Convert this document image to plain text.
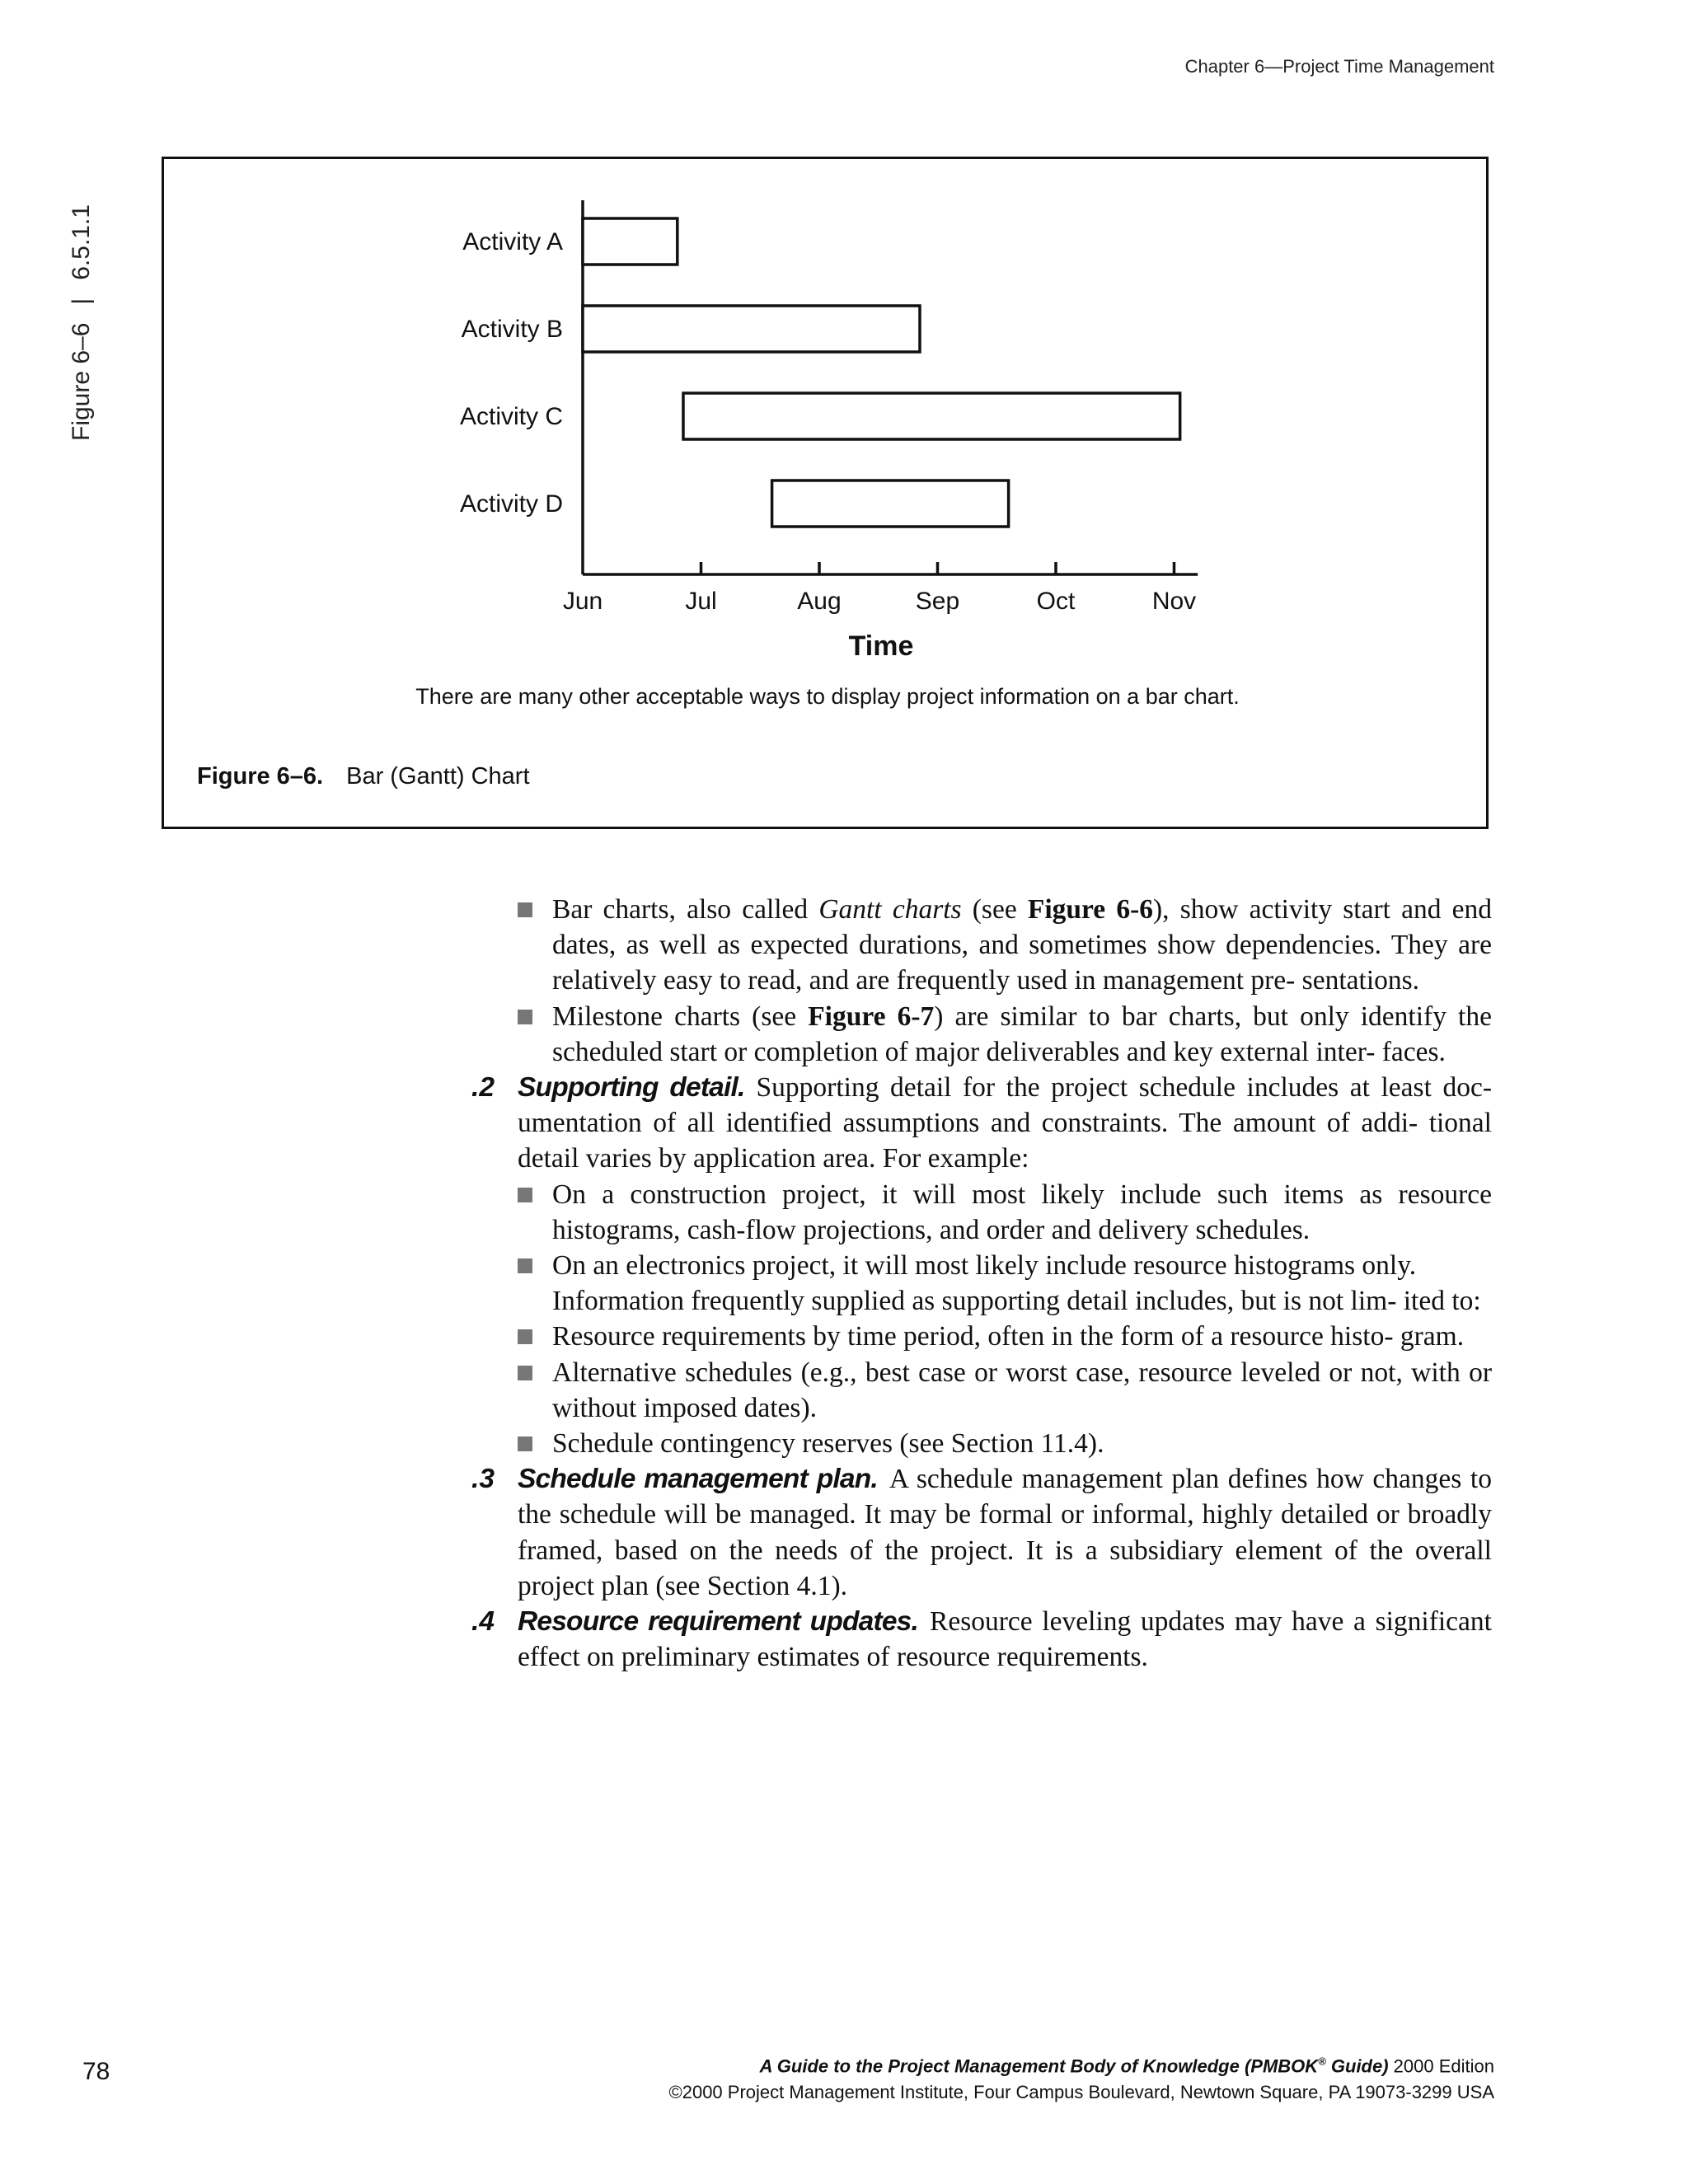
Chapter 6—Project Time Management
Figure 6–6|6.5.1.1	Activity A
Activity B
Activity C
Activity D
Jun	Jul	Aug	Sep	Oct	Nov
Time
There are many other acceptable ways to display project information on a bar chart.
Figure 6–6. Bar (Gantt) Chart
Bar charts, also called Gantt charts (see Figure 6-6), show activity start and end dates, as well as expected durations, and sometimes show dependencies. They are relatively easy to read, and are frequently used in management pre- sentations.
Milestone charts (see Figure 6-7) are similar to bar charts, but only identify the scheduled start or completion of major deliverables and key external inter- faces.
.2 Supporting detail. Supporting detail for the project schedule includes at least doc- umentation of all identified assumptions and constraints. The amount of addi- tional detail varies by application area. For example:
On a construction project, it will most likely include such items as resource histograms, cash-flow projections, and order and delivery schedules.
On an electronics project, it will most likely include resource histograms only.
Information frequently supplied as supporting detail includes, but is not lim- ited to:
Resource requirements by time period, often in the form of a resource histo- gram.
Alternative schedules (e.g., best case or worst case, resource leveled or not, with or without imposed dates).
Schedule contingency reserves (see Section 11.4).
.3 Schedule management plan. A schedule management plan defines how changes to the schedule will be managed. It may be formal or informal, highly detailed or broadly framed, based on the needs of the project. It is a subsidiary element of the overall project plan (see Section 4.1).
.4 Resource requirement updates. Resource leveling updates may have a significant effect on preliminary estimates of resource requirements.
78	A Guide to the Project Management Body of Knowledge (PMBOK® Guide) 2000 Edition
©2000 Project Management Institute, Four Campus Boulevard, Newtown Square, PA 19073-3299 USA
